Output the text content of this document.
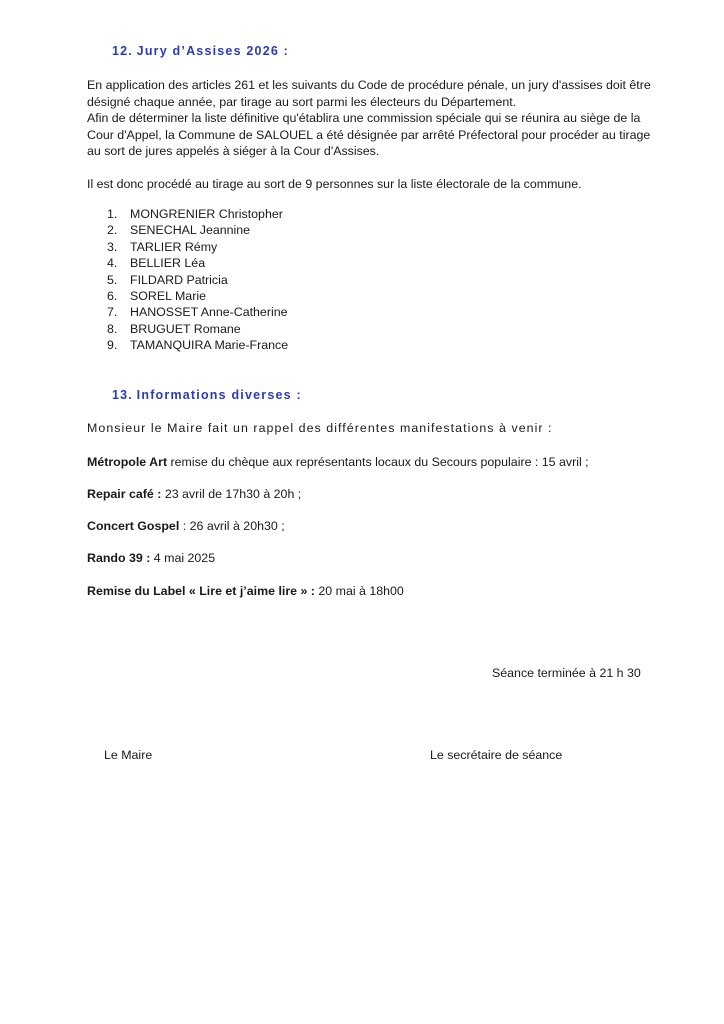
12. Jury d’Assises 2026 :
En application des articles 261 et les suivants du Code de procédure pénale, un jury d'assises doit être
désigné chaque année, par tirage au sort parmi les électeurs du Département.
Afin de déterminer la liste définitive qu'établira une commission spéciale qui se réunira au siège de la
Cour d'Appel, la Commune de SALOUEL a été désignée par arrêté Préfectoral pour procéder au tirage
au sort de jures appelés à siéger à la Cour d'Assises.
Il est donc procédé au tirage au sort de 9 personnes sur la liste électorale de la commune.
1. MONGRENIER Christopher
2. SENECHAL Jeannine
3. TARLIER Rémy
4. BELLIER Léa
5. FILDARD Patricia
6. SOREL Marie
7. HANOSSET Anne-Catherine
8. BRUGUET Romane
9. TAMANQUIRA Marie-France
13. Informations diverses :
Monsieur le Maire fait un rappel des différentes manifestations à venir :
Métropole Art remise du chèque aux représentants locaux du Secours populaire : 15 avril ;
Repair café : 23 avril de 17h30 à 20h ;
Concert Gospel : 26 avril à 20h30 ;
Rando 39 : 4 mai 2025
Remise du Label « Lire et j’aime lire » : 20 mai à 18h00
Séance terminée à 21 h 30
Le Maire	Le secrétaire de séance
